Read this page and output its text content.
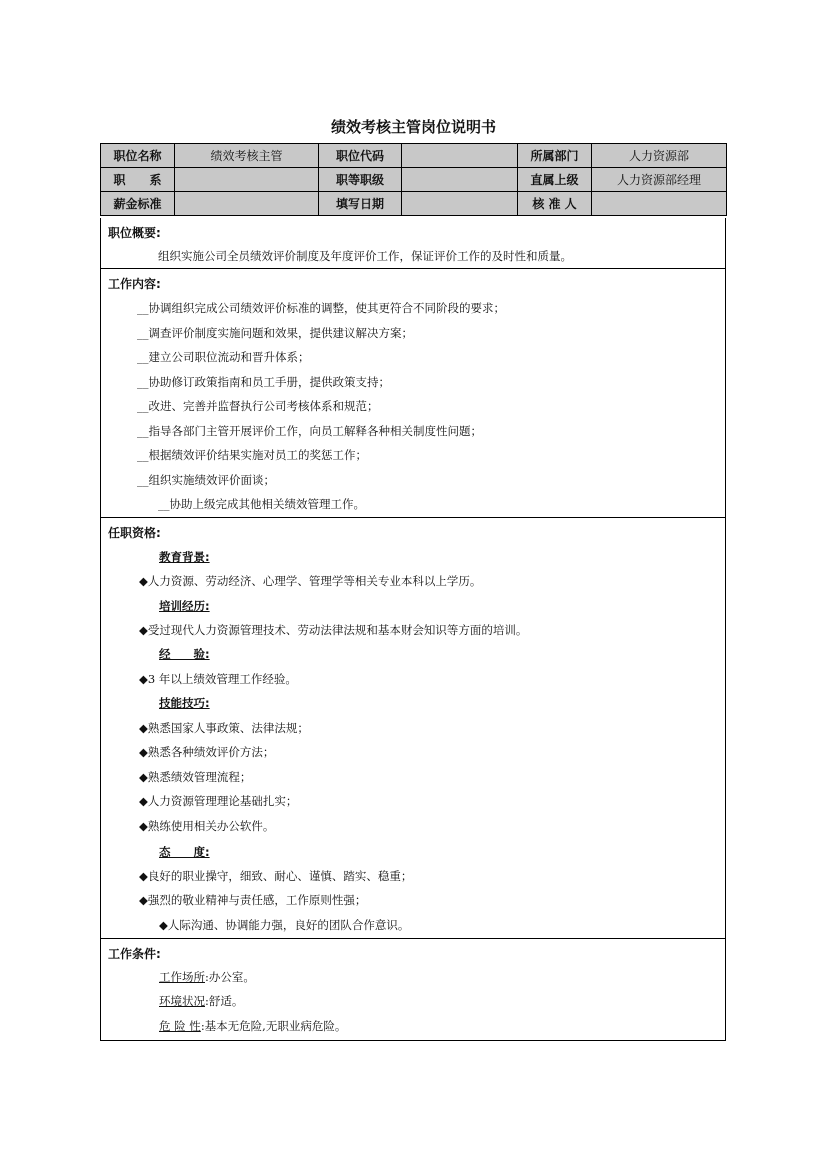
绩效考核主管岗位说明书
职位名称	绩效考核主管	职位代码		所属部门	人力资源部
职　　系		职等职级		直属上级	人力资源部经理
薪金标准		填写日期		核 准 人	
职位概要:
组织实施公司全员绩效评价制度及年度评价工作，保证评价工作的及时性和质量。
工作内容:
__协调组织完成公司绩效评价标准的调整，使其更符合不同阶段的要求；
__调查评价制度实施问题和效果，提供建议解决方案；
__建立公司职位流动和晋升体系；
__协助修订政策指南和员工手册，提供政策支持；
__改进、完善并监督执行公司考核体系和规范；
__指导各部门主管开展评价工作，向员工解释各种相关制度性问题；
__根据绩效评价结果实施对员工的奖惩工作；
__组织实施绩效评价面谈；
__协助上级完成其他相关绩效管理工作。
任职资格:
教育背景:
◆人力资源、劳动经济、心理学、管理学等相关专业本科以上学历。
培训经历:
◆受过现代人力资源管理技术、劳动法律法规和基本财会知识等方面的培训。
经　　验:
◆3 年以上绩效管理工作经验。
技能技巧:
◆熟悉国家人事政策、法律法规；
◆熟悉各种绩效评价方法；
◆熟悉绩效管理流程；
◆人力资源管理理论基础扎实；
◆熟练使用相关办公软件。
态　　度:
◆良好的职业操守，细致、耐心、谨慎、踏实、稳重；
◆强烈的敬业精神与责任感，工作原则性强；
◆人际沟通、协调能力强，良好的团队合作意识。
工作条件:
工作场所:办公室。
环境状况:舒适。
危 险 性:基本无危险,无职业病危险。
